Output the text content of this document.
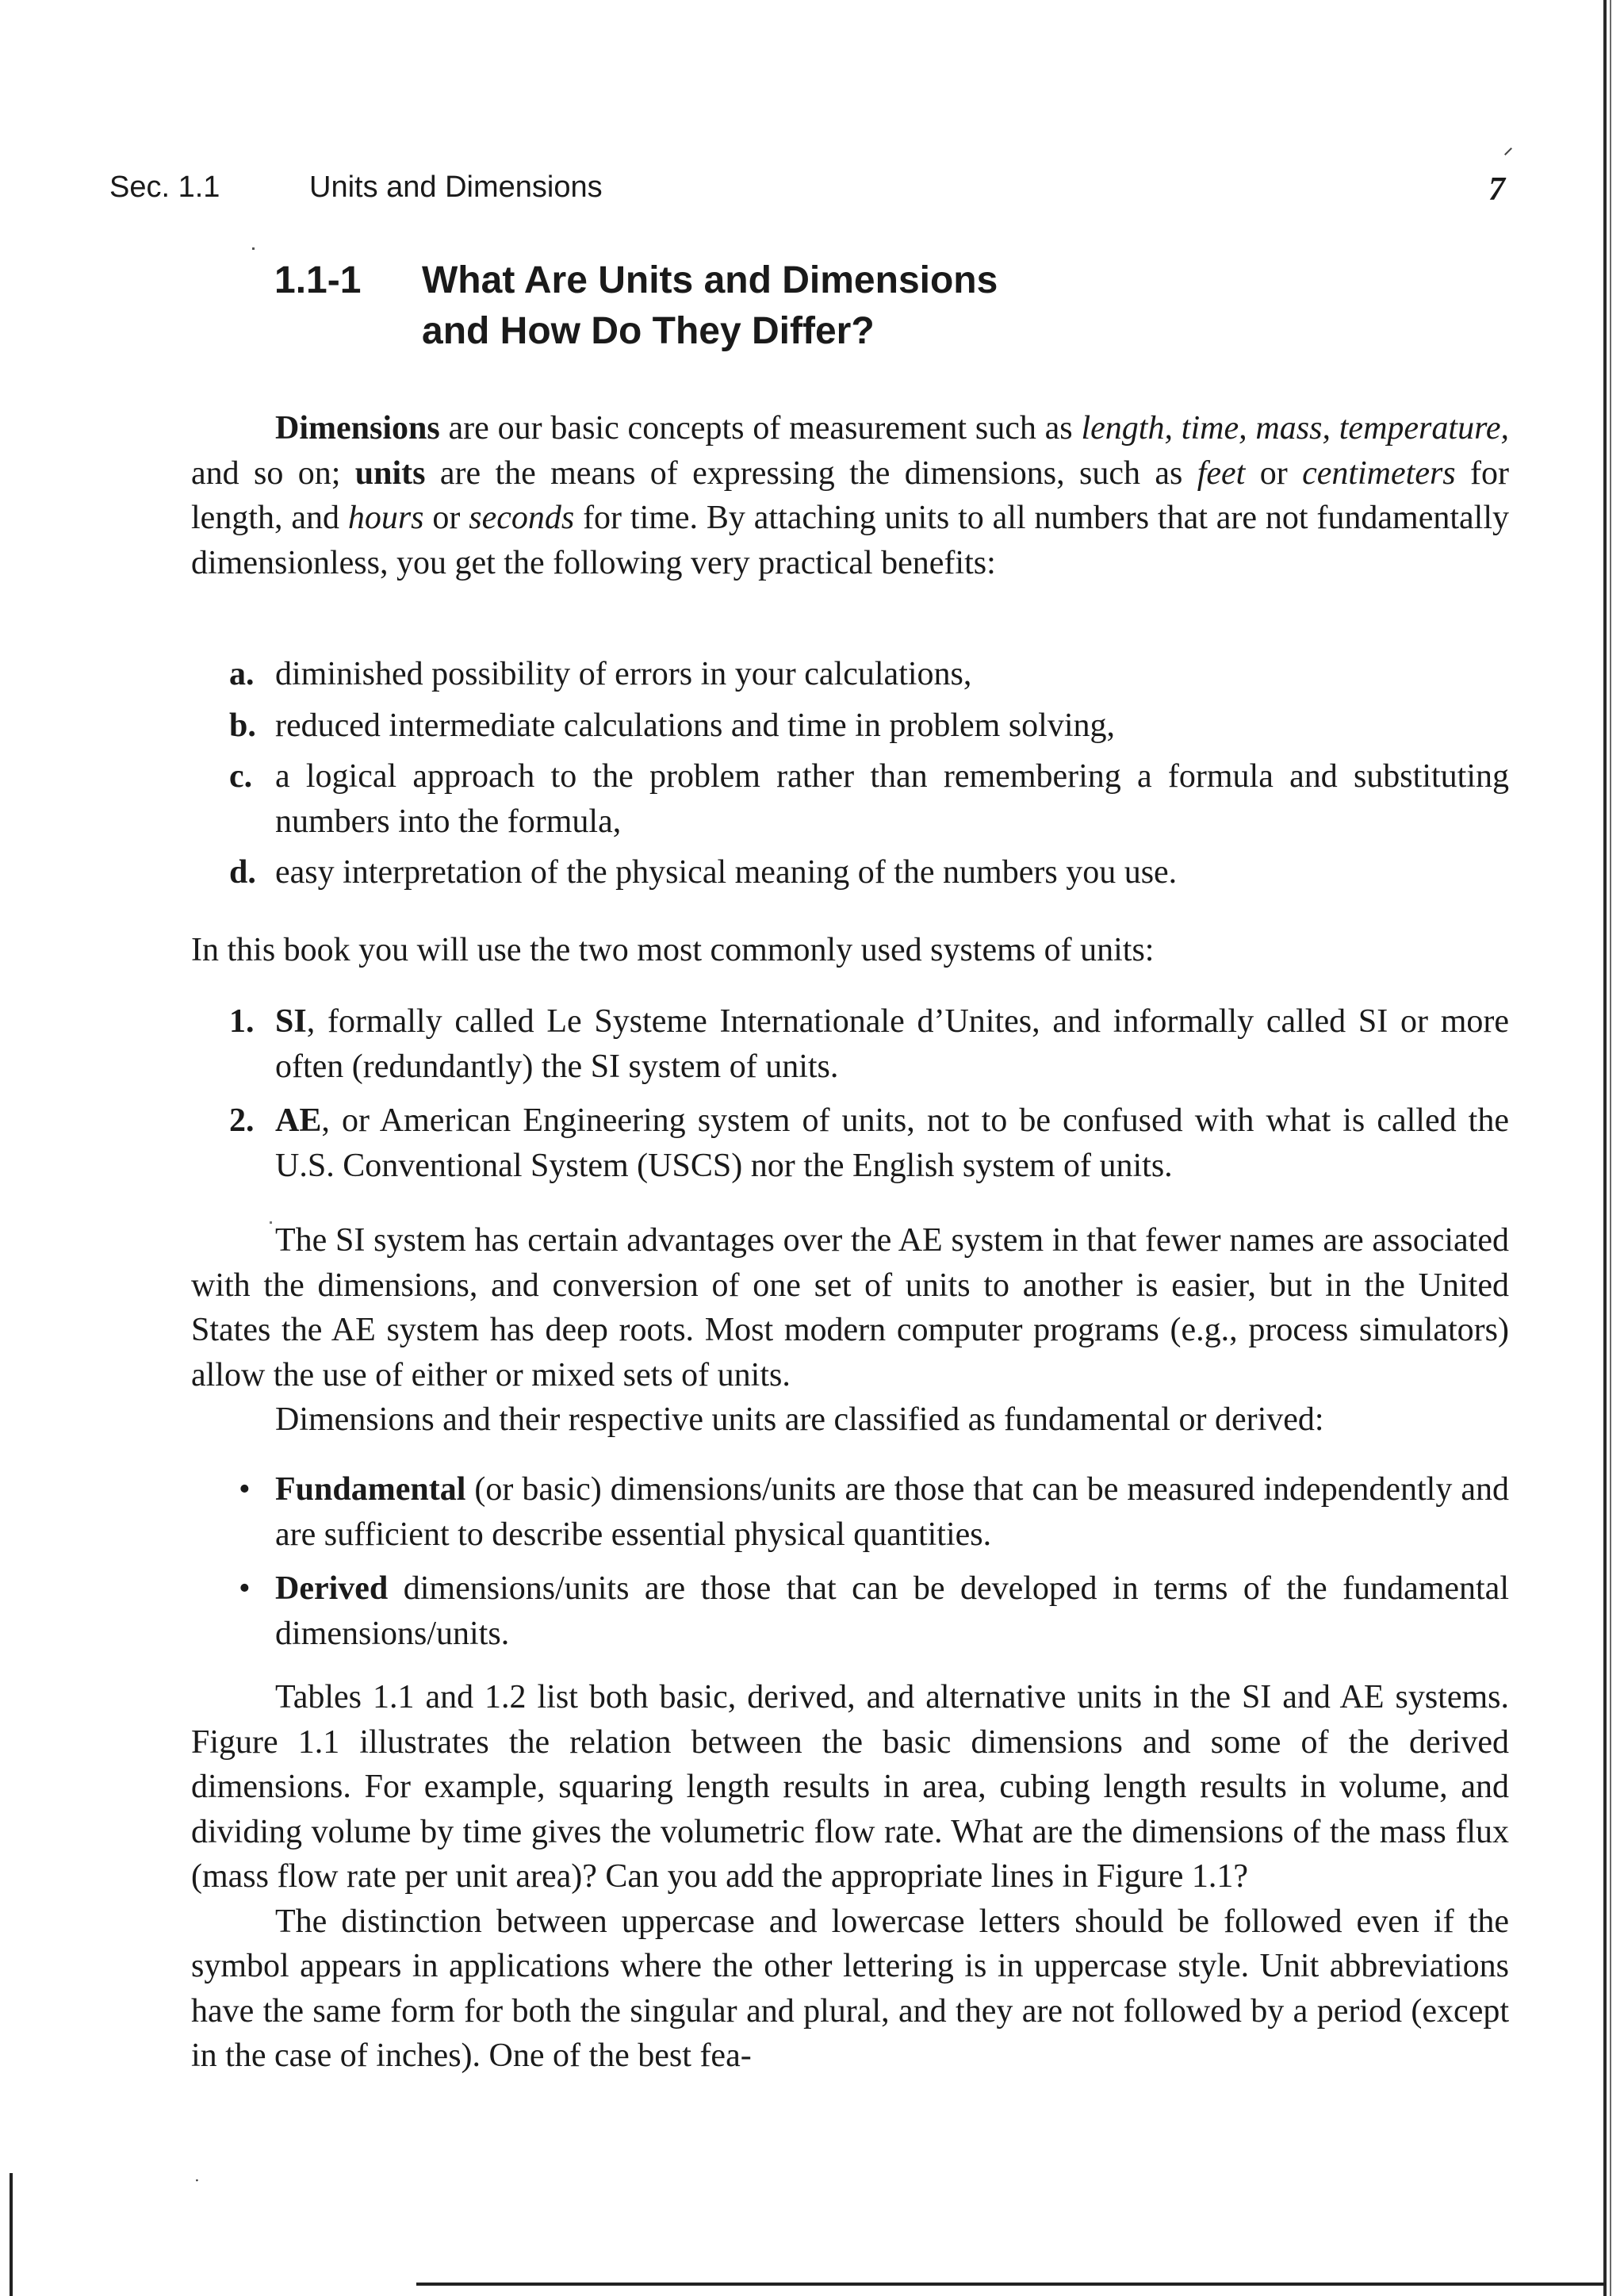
⋅
Sec. 1.1	Units and Dimensions	7
1.1-1 What Are Units and Dimensions
and How Do They Differ?

Dimensions are our basic concepts of measurement such as length, time, mass, temperature, and so on; units are the means of expressing the dimensions, such as feet or centimeters for length, and hours or seconds for time. By attaching units to all numbers that are not fundamentally dimensionless, you get the following very practical benefits:

a. diminished possibility of errors in your calculations,
b. reduced intermediate calculations and time in problem solving,
c. a logical approach to the problem rather than remembering a formula and substituting numbers into the formula,
d. easy interpretation of the physical meaning of the numbers you use.

In this book you will use the two most commonly used systems of units:

1. SI, formally called Le Systeme Internationale d’Unites, and informally called SI or more often (redundantly) the SI system of units.
2. AE, or American Engineering system of units, not to be confused with what is called the U.S. Conventional System (USCS) nor the English system of units.

The SI system has certain advantages over the AE system in that fewer names are associated with the dimensions, and conversion of one set of units to another is easier, but in the United States the AE system has deep roots. Most modern computer programs (e.g., process simulators) allow the use of either or mixed sets of units.

Dimensions and their respective units are classified as fundamental or derived:

• Fundamental (or basic) dimensions/units are those that can be measured independently and are sufficient to describe essential physical quantities.
• Derived dimensions/units are those that can be developed in terms of the fundamental dimensions/units.

Tables 1.1 and 1.2 list both basic, derived, and alternative units in the SI and AE systems. Figure 1.1 illustrates the relation between the basic dimensions and some of the derived dimensions. For example, squaring length results in area, cubing length results in volume, and dividing volume by time gives the volumetric flow rate. What are the dimensions of the mass flux (mass flow rate per unit area)? Can you add the appropriate lines in Figure 1.1?

The distinction between uppercase and lowercase letters should be followed even if the symbol appears in applications where the other lettering is in uppercase style. Unit abbreviations have the same form for both the singular and plural, and they are not followed by a period (except in the case of inches). One of the best fea-
